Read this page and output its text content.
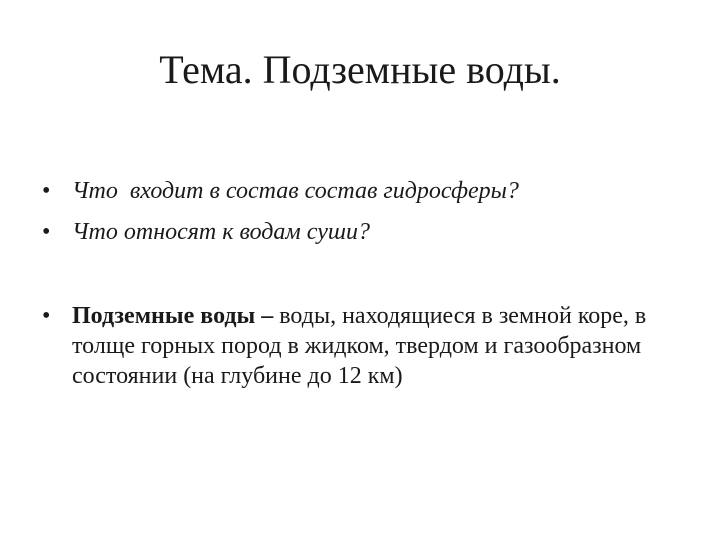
Тема. Подземные воды.
• Что  входит в состав состав гидросферы?
• Что относят к водам суши?
• Подземные воды – воды, находящиеся в земной коре, в толще горных пород в жидком, твердом и газообразном состоянии (на глубине до 12 км)
